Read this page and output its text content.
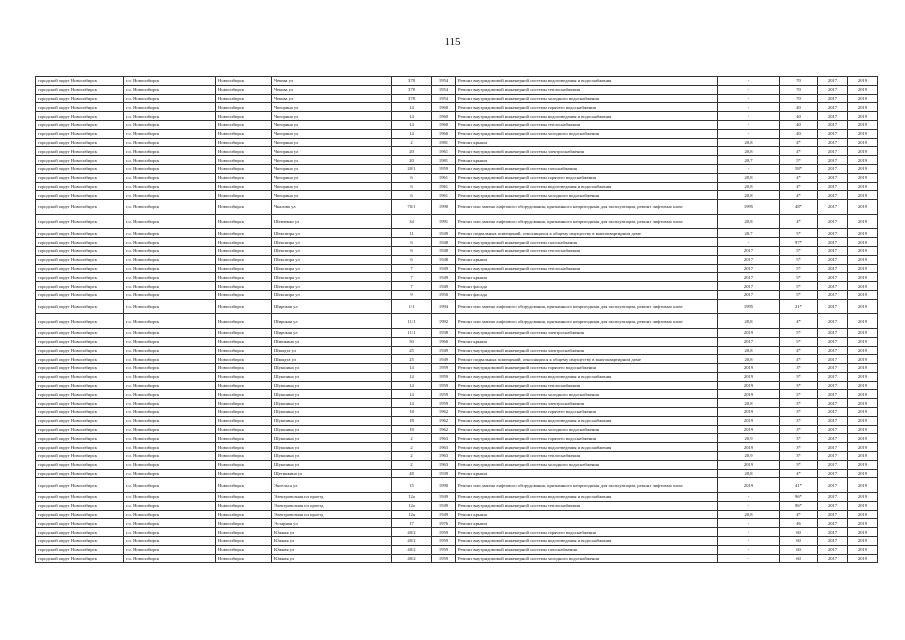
115
городской округ Новосибирск	г.о. Новосибирск	Новосибирск	Чекова ул	378	1954	Ремонт внутридомовой инженерной системы водоотведения и водоснабжения	-	70	2017	2019
городской округ Новосибирск	г.о. Новосибирск	Новосибирск	Чекова ул	378	1954	Ремонт внутридомовой инженерной системы теплоснабжения	-	70	2017	2019
городской округ Новосибирск	г.о. Новосибирск	Новосибирск	Чекова ул	378	1954	Ремонт внутридомовой инженерной системы холодного водоснабжения	-	70	2017	2019
городской округ Новосибирск	г.о. Новосибирск	Новосибирск	Чигорина ул	14	1960	Ремонт внутридомовой инженерной системы горячего водоснабжения	-	40	2017	2019
городской округ Новосибирск	г.о. Новосибирск	Новосибирск	Чигорина ул	14	1960	Ремонт внутридомовой инженерной системы водоотведения и водоснабжения	-	40	2017	2019
городской округ Новосибирск	г.о. Новосибирск	Новосибирск	Чигорина ул	14	1960	Ремонт внутридомовой инженерной системы теплоснабжения	-	40	2017	2019
городской округ Новосибирск	г.о. Новосибирск	Новосибирск	Чигорина ул	14	1960	Ремонт внутридомовой инженерной системы холодного водоснабжения	-	40	2017	2019
городской округ Новосибирск	г.о. Новосибирск	Новосибирск	Чигорина ул	2	1981	Ремонт крыши	20,8	4*	2017	2019
городской округ Новосибирск	г.о. Новосибирск	Новосибирск	Чигорина ул	20	1961	Ремонт внутридомовой инженерной системы электроснабжения	20,8	4*	2017	2019
городской округ Новосибирск	г.о. Новосибирск	Новосибирск	Чигорина ул	20	1981	Ремонт крыши	20,7	5*	2017	2019
городской округ Новосибирск	г.о. Новосибирск	Новосибирск	Чигорина ул	20/1	1959	Ремонт внутридомовой инженерной системы газоснабжения	-	58*	2017	2019
городской округ Новосибирск	г.о. Новосибирск	Новосибирск	Чигорина ул	6	1961	Ремонт внутридомовой инженерной системы горячего водоснабжения	20,8	4*	2017	2019
городской округ Новосибирск	г.о. Новосибирск	Новосибирск	Чигорина ул	6	1961	Ремонт внутридомовой инженерной системы водоотведения и водоснабжения	20,8	4*	2017	2019
городской округ Новосибирск	г.о. Новосибирск	Новосибирск	Чигорина ул	6	1961	Ремонт внутридомовой инженерной системы холодного водоснабжения	20,8	4*	2017	2019
городской округ Новосибирск	г.о. Новосибирск	Новосибирск	Чкалова ул	70/1	1990	Ремонт или замена лифтового оборудования, признанного непригодным для эксплуатации, ремонт лифтовых шахт	1995	48*	2017	2019
городской округ Новосибирск	г.о. Новосибирск	Новосибирск	Шевченко ул	34	1991	Ремонт или замена лифтового оборудования, признанного непригодным для эксплуатации, ремонт лифтовых шахт	20,8	4*	2017	2019
городской округ Новосибирск	г.о. Новосибирск	Новосибирск	Шекспира ул	11	1949	Ремонт подвальных помещений, относящихся к общему имуществу в многоквартирном доме	20,7	5*	2017	2019
городской округ Новосибирск	г.о. Новосибирск	Новосибирск	Шекспира ул	6	1948	Ремонт внутридомовой инженерной системы газоснабжения	-	97*	2017	2019
городской округ Новосибирск	г.о. Новосибирск	Новосибирск	Шекспира ул	6	1948	Ремонт внутридомовой инженерной системы теплоснабжения	2017	5*	2017	2019
городской округ Новосибирск	г.о. Новосибирск	Новосибирск	Шекспира ул	6	1948	Ремонт крыши	2017	5*	2017	2019
городской округ Новосибирск	г.о. Новосибирск	Новосибирск	Шекспира ул	7	1949	Ремонт внутридомовой инженерной системы теплоснабжения	2017	5*	2017	2019
городской округ Новосибирск	г.о. Новосибирск	Новосибирск	Шекспира ул	7	1949	Ремонт крыши	2017	5*	2017	2019
городской округ Новосибирск	г.о. Новосибирск	Новосибирск	Шекспира ул	7	1949	Ремонт фасада	2017	5*	2017	2019
городской округ Новосибирск	г.о. Новосибирск	Новосибирск	Шекспира ул	9	1950	Ремонт фасада	2017	5*	2017	2019
городской округ Новосибирск	г.о. Новосибирск	Новосибирск	Широкая ул	1/1	1994	Ремонт или замена лифтового оборудования, признанного непригодным для эксплуатации, ремонт лифтовых шахт	1995	21*	2017	2019
городской округ Новосибирск	г.о. Новосибирск	Новосибирск	Широкая ул	11/1	1992	Ремонт или замена лифтового оборудования, признанного непригодным для эксплуатации, ремонт лифтовых шахт	20,8	4*	2017	2019
городской округ Новосибирск	г.о. Новосибирск	Новосибирск	Широкая ул	11/1	1938	Ремонт внутридомовой инженерной системы электроснабжения	2019	5*	2017	2019
городской округ Новосибирск	г.о. Новосибирск	Новосибирск	Шишкина ул	50	1960	Ремонт крыши	2017	5*	2017	2019
городской округ Новосибирск	г.о. Новосибирск	Новосибирск	Шмидта ул	25	1949	Ремонт внутридомовой инженерной системы электроснабжения	20,8	4*	2017	2019
городской округ Новосибирск	г.о. Новосибирск	Новосибирск	Шмидта ул	25	1949	Ремонт подвальных помещений, относящихся к общему имуществу в многоквартирном доме	20,8	4*	2017	2019
городской округ Новосибирск	г.о. Новосибирск	Новосибирск	Шукшина ул	14	1959	Ремонт внутридомовой инженерной системы горячего водоснабжения	2019	3*	2017	2019
городской округ Новосибирск	г.о. Новосибирск	Новосибирск	Шукшина ул	14	1959	Ремонт внутридомовой инженерной системы водоотведения и водоснабжения	2019	3*	2017	2019
городской округ Новосибирск	г.о. Новосибирск	Новосибирск	Шукшина ул	14	1959	Ремонт внутридомовой инженерной системы теплоснабжения	2019	3*	2017	2019
городской округ Новосибирск	г.о. Новосибирск	Новосибирск	Шукшина ул	14	1959	Ремонт внутридомовой инженерной системы холодного водоснабжения	2019	3*	2017	2019
городской округ Новосибирск	г.о. Новосибирск	Новосибирск	Шукшина ул	14	1959	Ремонт внутридомовой инженерной системы электроснабжения	20,8	3*	2017	2019
городской округ Новосибирск	г.о. Новосибирск	Новосибирск	Шукшина ул	18	1962	Ремонт внутридомовой инженерной системы горячего водоснабжения	2019	3*	2017	2019
городской округ Новосибирск	г.о. Новосибирск	Новосибирск	Шукшина ул	18	1962	Ремонт внутридомовой инженерной системы водоотведения и водоснабжения	2019	3*	2017	2019
городской округ Новосибирск	г.о. Новосибирск	Новосибирск	Шукшина ул	18	1962	Ремонт внутридомовой инженерной системы холодного водоснабжения	2019	3*	2017	2019
городской округ Новосибирск	г.о. Новосибирск	Новосибирск	Шукшина ул	2	1963	Ремонт внутридомовой инженерной системы горячего водоснабжения	20,9	3*	2017	2019
городской округ Новосибирск	г.о. Новосибирск	Новосибирск	Шукшина ул	2	1963	Ремонт внутридомовой инженерной системы водоотведения и водоснабжения	2019	3*	2017	2019
городской округ Новосибирск	г.о. Новосибирск	Новосибирск	Шукшина ул	2	1963	Ремонт внутридомовой инженерной системы теплоснабжения	20,9	3*	2017	2019
городской округ Новосибирск	г.о. Новосибирск	Новосибирск	Шукшина ул	2	1963	Ремонт внутридомовой инженерной системы холодного водоснабжения	2019	3*	2017	2019
городской округ Новосибирск	г.о. Новосибирск	Новосибирск	Щетинкина ул	48	1939	Ремонт крыши	20,8	4*	2017	2019
городской округ Новосибирск	г.о. Новосибирск	Новосибирск	Энгельса ул	15	1990	Ремонт или замена лифтового оборудования, признанного непригодным для эксплуатации, ремонт лифтовых шахт	2019	41*	2017	2019
городской округ Новосибирск	г.о. Новосибирск	Новосибирск	Электровозная пл проезд	12а	1949	Ремонт внутридомовой инженерной системы водоотведения и водоснабжения	-	96*	2017	2019
городской округ Новосибирск	г.о. Новосибирск	Новосибирск	Электровозная пл проезд	12а	1949	Ремонт внутридомовой инженерной системы теплоснабжения	-	96*	2017	2019
городской округ Новосибирск	г.о. Новосибирск	Новосибирск	Электровозная пл проезд	12а	1949	Ремонт крыши	20,8	4*	2017	2019
городской округ Новосибирск	г.о. Новосибирск	Новосибирск	Эстарная ул	17	1976	Ремонт крыши	-	46	2017	2019
городской округ Новосибирск	г.о. Новосибирск	Новосибирск	Южная ул	40/2	1959	Ремонт внутридомовой инженерной системы горячего водоснабжения	-	60	2017	2019
городской округ Новосибирск	г.о. Новосибирск	Новосибирск	Южная ул	40/2	1959	Ремонт внутридомовой инженерной системы водоотведения и водоснабжения	-	60	2017	2019
городской округ Новосибирск	г.о. Новосибирск	Новосибирск	Южная ул	40/2	1959	Ремонт внутридомовой инженерной системы газоснабжения	-	60	2017	2019
городской округ Новосибирск	г.о. Новосибирск	Новосибирск	Южная ул	40/2	1959	Ремонт внутридомовой инженерной системы холодного водоснабжения	-	60	2017	2019
